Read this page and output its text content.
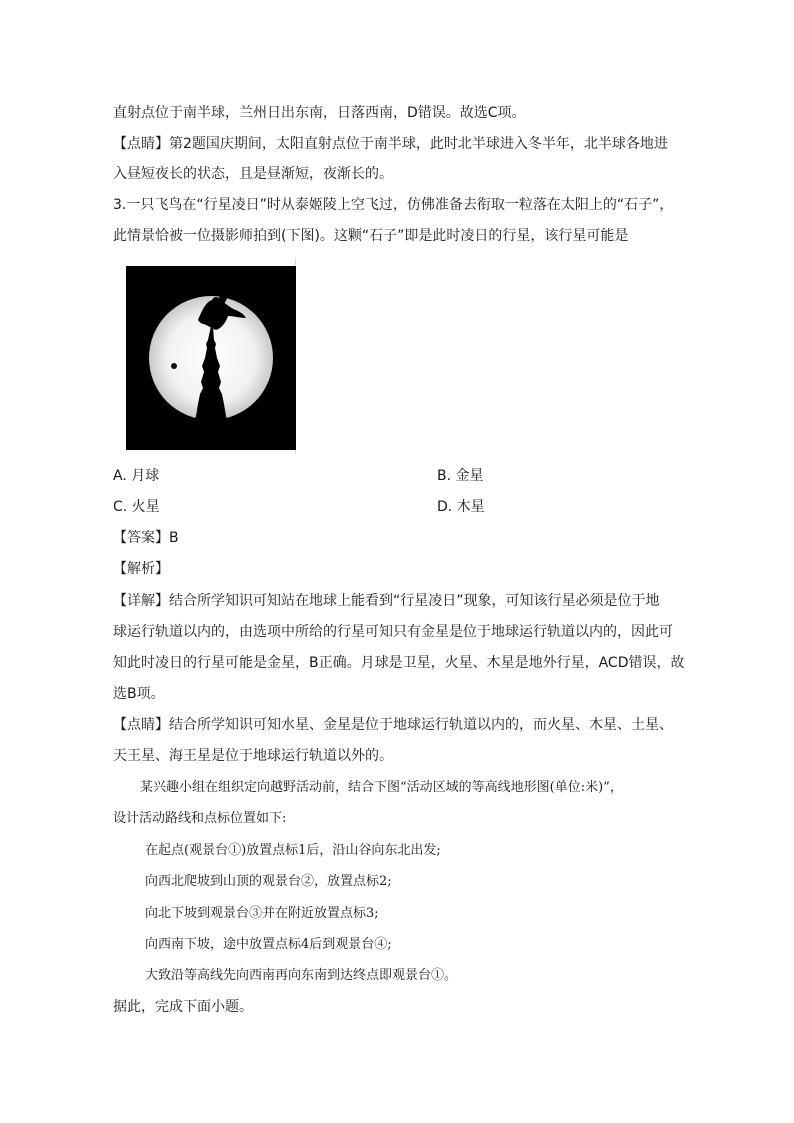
直射点位于南半球，兰州日出东南，日落西南，D错误。故选C项。
【点睛】第2题国庆期间，太阳直射点位于南半球，此时北半球进入冬半年，北半球各地进
入昼短夜长的状态，且是昼渐短，夜渐长的。
3.一只飞鸟在“行星凌日”时从泰姬陵上空飞过，仿佛准备去衔取一粒落在太阳上的“石子”，
此情景恰被一位摄影师拍到(下图)。这颗“石子”即是此时凌日的行星，该行星可能是
A. 月球	B. 金星
C. 火星	D. 木星
【答案】B
【解析】
【详解】结合所学知识可知站在地球上能看到“行星凌日”现象，可知该行星必须是位于地
球运行轨道以内的，由选项中所给的行星可知只有金星是位于地球运行轨道以内的，因此可
知此时凌日的行星可能是金星，B正确。月球是卫星，火星、木星是地外行星，ACD错误，故
选B项。
【点睛】结合所学知识可知水星、金星是位于地球运行轨道以内的，而火星、木星、土星、
天王星、海王星是位于地球运行轨道以外的。
某兴趣小组在组织定向越野活动前，结合下图“活动区域的等高线地形图(单位:米)”，
设计活动路线和点标位置如下:
在起点(观景台①)放置点标1后，沿山谷向东北出发;
向西北爬坡到山顶的观景台②，放置点标2;
向北下坡到观景台③并在附近放置点标3;
向西南下坡，途中放置点标4后到观景台④;
大致沿等高线先向西南再向东南到达终点即观景台①。
据此，完成下面小题。
